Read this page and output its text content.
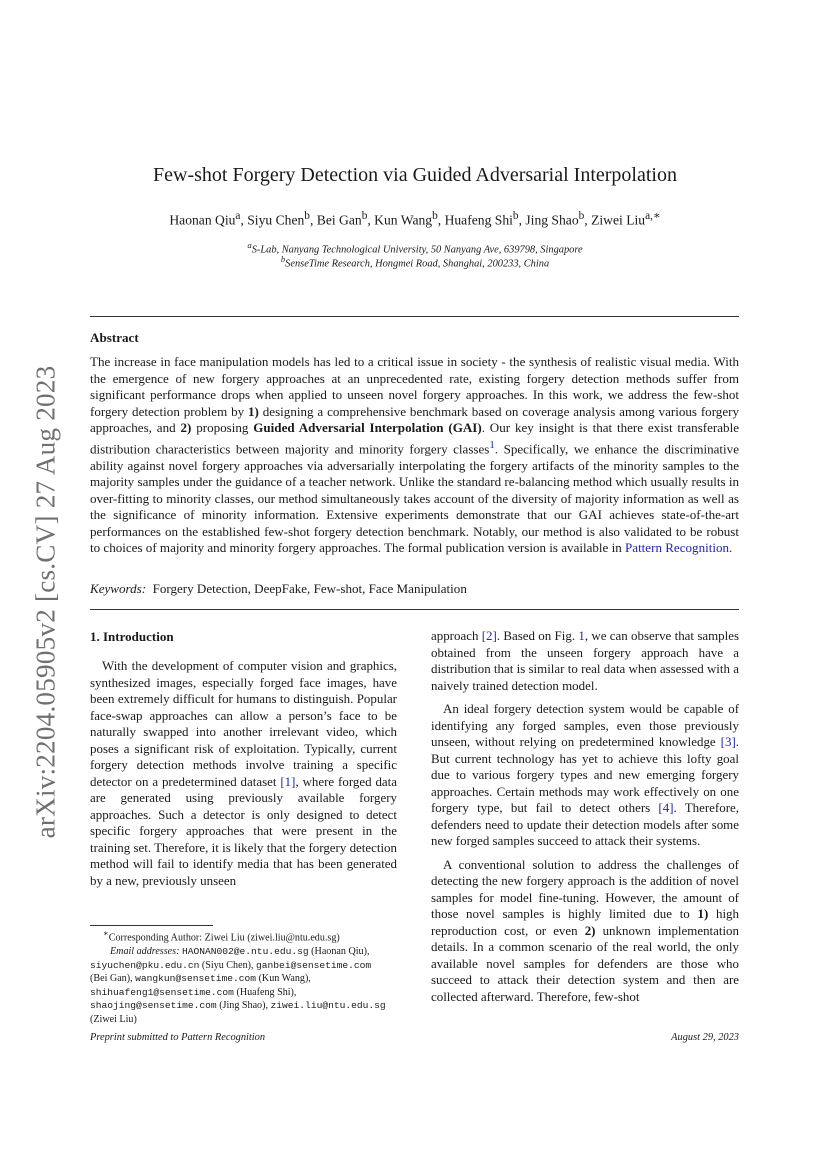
arXiv:2204.05905v2 [cs.CV] 27 Aug 2023
Few-shot Forgery Detection via Guided Adversarial Interpolation
Haonan Qiu$^a$, Siyu Chen$^b$, Bei Gan$^b$, Kun Wang$^b$, Huafeng Shi$^b$, Jing Shao$^b$, Ziwei Liu$^{a,∗}$
$^a$S-Lab, Nanyang Technological University, 50 Nanyang Ave, 639798, Singapore
$^b$SenseTime Research, Hongmei Road, Shanghai, 200233, China
Abstract
The increase in face manipulation models has led to a critical issue in society - the synthesis of realistic visual media. With the emergence of new forgery approaches at an unprecedented rate, existing forgery detection methods suffer from significant performance drops when applied to unseen novel forgery approaches. In this work, we address the few-shot forgery detection problem by 1) designing a comprehensive benchmark based on coverage analysis among various forgery approaches, and 2) proposing Guided Adversarial Interpolation (GAI). Our key insight is that there exist transferable distribution characteristics between majority and minority forgery classes$^1$. Specifically, we enhance the discriminative ability against novel forgery approaches via adversarially interpolating the forgery artifacts of the minority samples to the majority samples under the guidance of a teacher network. Unlike the standard re-balancing method which usually results in over-fitting to minority classes, our method simultaneously takes account of the diversity of majority information as well as the significance of minority information. Extensive experiments demonstrate that our GAI achieves state-of-the-art performances on the established few-shot forgery detection benchmark. Notably, our method is also validated to be robust to choices of majority and minority forgery approaches. The formal publication version is available in Pattern Recognition.
Keywords: Forgery Detection, DeepFake, Few-shot, Face Manipulation
1. Introduction

With the development of computer vision and graphics, synthesized images, especially forged face images, have been extremely difficult for humans to distinguish. Popular face-swap approaches can allow a person’s face to be naturally swapped into another irrelevant video, which poses a significant risk of exploitation. Typically, current forgery detection methods involve training a specific detector on a predetermined dataset [1], where forged data are generated using previously available forgery approaches. Such a detector is only designed to detect specific forgery approaches that were present in the training set. Therefore, it is likely that the forgery detection method will fail to identify media that has been generated by a new, previously unseen

approach [2]. Based on Fig. 1, we can observe that samples obtained from the unseen forgery approach have a distribution that is similar to real data when assessed with a naively trained detection model.

An ideal forgery detection system would be capable of identifying any forged samples, even those previously unseen, without relying on predetermined knowledge [3]. But current technology has yet to achieve this lofty goal due to various forgery types and new emerging forgery approaches. Certain methods may work effectively on one forgery type, but fail to detect others [4]. Therefore, defenders need to update their detection models after some new forged samples succeed to attack their systems.

A conventional solution to address the challenges of detecting the new forgery approach is the addition of novel samples for model fine-tuning. However, the amount of those novel samples is highly limited due to 1) high reproduction cost, or even 2) unknown implementation details. In a common scenario of the real world, the only available novel samples for defenders are those who succeed to attack their detection system and then are collected afterward. Therefore, few-shot

∗Corresponding Author: Ziwei Liu (ziwei.liu@ntu.edu.sg)
Email addresses: HAONAN002@e.ntu.edu.sg (Haonan Qiu),
siyuchen@pku.edu.cn (Siyu Chen), ganbei@sensetime.com
(Bei Gan), wangkun@sensetime.com (Kun Wang),
shihuafeng1@sensetime.com (Huafeng Shi),
shaojing@sensetime.com (Jing Shao), ziwei.liu@ntu.edu.sg
(Ziwei Liu)
Preprint submitted to Pattern Recognition	August 29, 2023
